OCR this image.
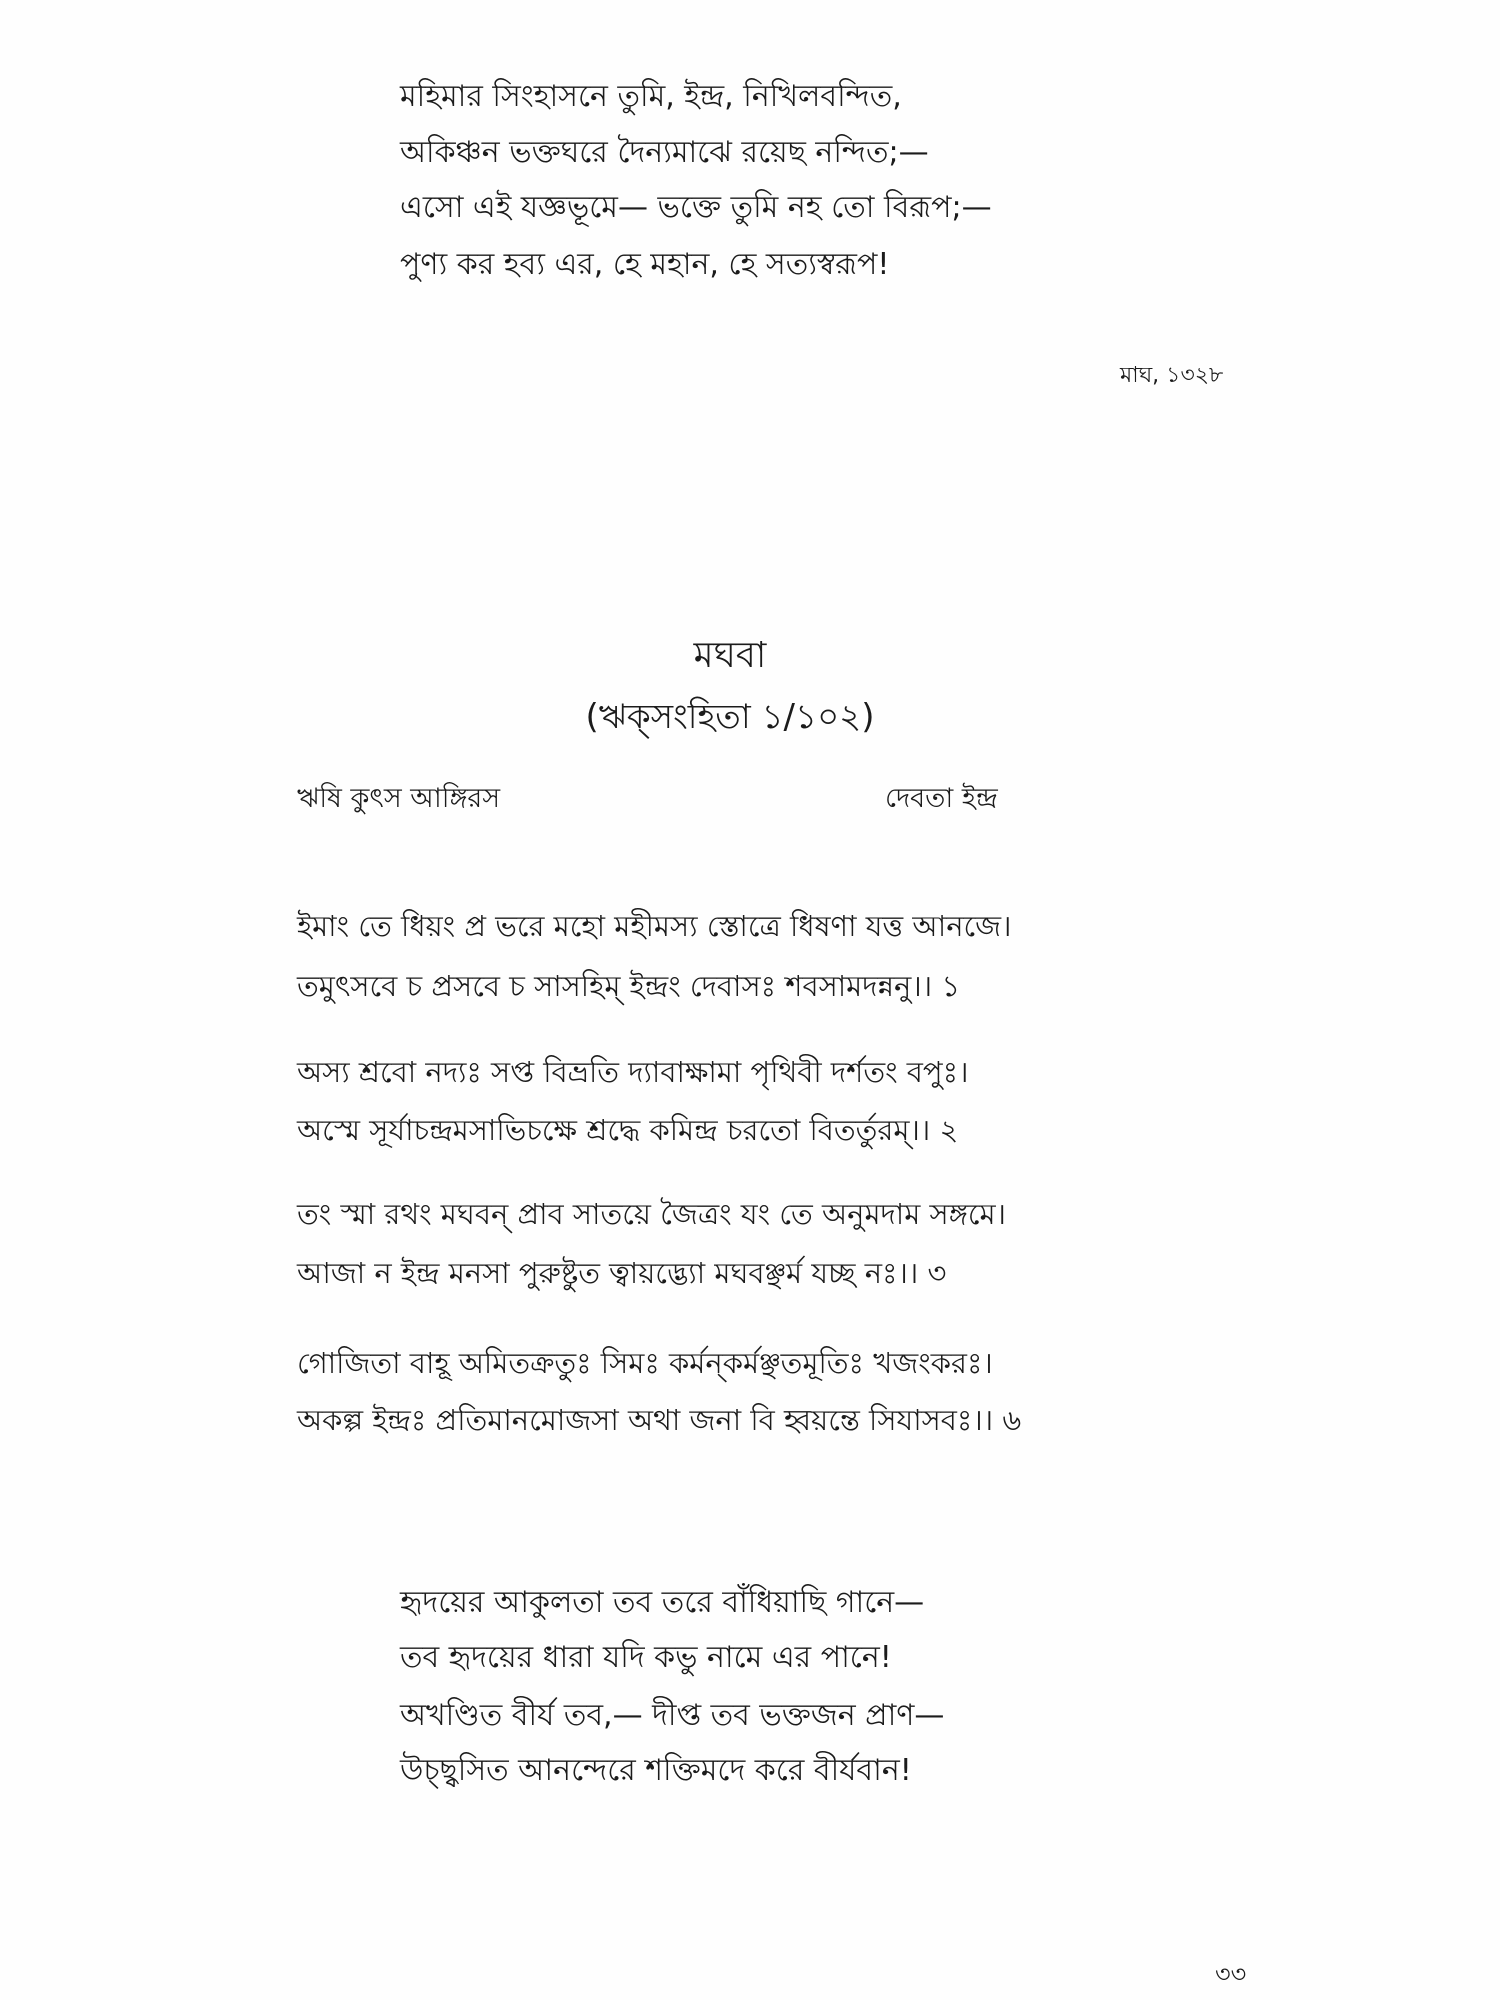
মহিমার সিংহাসনে তুমি, ইন্দ্র, নিখিলবন্দিত,
অকিঞ্চন ভক্তঘরে দৈন্যমাঝে রয়েছ নন্দিত;—
এসো এই যজ্ঞভূমে— ভক্তে তুমি নহ তো বিরূপ;—
পুণ্য কর হব্য এর, হে মহান, হে সত্যস্বরূপ!
মাঘ, ১৩২৮
মঘবা
(ঋক্‌সংহিতা ১/১০২)
ঋষি কুৎস আঙ্গিরস	দেবতা ইন্দ্র
ইমাং তে ধিয়ং প্র ভরে মহো মহীমস্য স্তোত্রে ধিষণা যত্ত আনজে।
তমুৎসবে চ প্রসবে চ সাসহিম্‌ ইন্দ্রং দেবাসঃ শবসামদন্নন‌ু।। ১
অস্য শ্রবো নদ্যঃ সপ্ত বিভ্রতি দ্যাবাক্ষামা পৃথিবী দর্শতং বপুঃ।
অস্মে সূর্যাচন্দ্রমসাভিচক্ষে শ্রদ্ধে কমিন্দ্র চরতো বিতর্তুরম্‌।। ২
তং স্মা রথং মঘবন্‌ প্রাব সাতয়ে জৈত্রং যং তে অনুমদাম সঙ্গমে।
আজা ন ইন্দ্র মনসা পুরুষ্টুত ত্বায়দ্ভ্যো মঘবঞ্ছর্ম যচ্ছ নঃ।। ৩
গোজিতা বাহূ অমিতক্রতুঃ সিমঃ কর্মন্‌কর্মঞ্ছতমূতিঃ খজংকরঃ।
অকল্প ইন্দ্রঃ প্রতিমানমোজসা অথা জনা বি হ্বয়ন্তে সিযাসবঃ।। ৬
হৃদয়ের আকুলতা তব তরে বাঁধিয়াছি গানে—
তব হৃদয়ের ধারা যদি কভু নামে এর পানে!
অখণ্ডিত বীর্য তব,— দীপ্ত তব ভক্তজন প্রাণ—
উচ্ছ্বসিত আনন্দেরে শক্তিমদে করে বীর্যবান!
৩৩
